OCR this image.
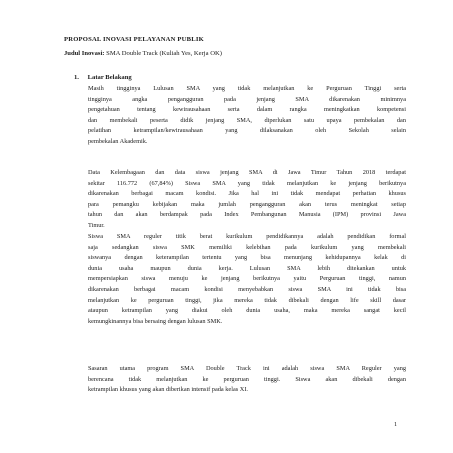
PROPOSAL INOVASI PELAYANAN PUBLIK
Judul Inovasi: SMA Double Track (Kuliah Yes, Kerja OK)
1. Latar Belakang
Masih tingginya Lulusan SMA yang tidak melanjutkan ke Perguruan Tinggi serta
tingginya angka pengangguran pada jenjang SMA dikarenakan minimnya
pengetahuan tentang kewirausahaan serta dalam rangka meningkatkan kompetensi
dan membekali peserta didik jenjang SMA, diperlukan satu upaya pembekalan dan
pelatihan ketrampilan/kewirausahaan yang dilaksanakan oleh Sekolah selain
pembekalan Akademik.
Data Kelembagaan dan data siswa jenjang SMA di Jawa Timur Tahun 2018 terdapat
sekitar 116.772 (67,84%) Siswa SMA yang tidak melanjutkan ke jenjang berikutnya
dikarenakan berbagai macam kondisi. Jika hal ini tidak mendapat perhatian khusus
para pemangku kebijakan maka jumlah pengangguran akan terus meningkat setiap
tahun dan akan berdampak pada Index Pembangunan Manusia (IPM) provinsi Jawa
Timur.
Siswa SMA reguler titik berat kurikulum pendidikannya adalah pendidikan formal
saja sedangkan siswa SMK memiliki kelebihan pada kurikulum yang membekali
siswanya dengan keterampilan tertentu yang bisa menunjang kehidupannya kelak di
dunia usaha maupun dunia kerja. Lulusan SMA lebih ditekankan untuk
mempersiapkan siswa menuju ke jenjang berikutnya yaitu Perguruan tinggi, namun
dikarenakan berbagai macam kondisi menyebabkan siswa SMA ini tidak bisa
melanjutkan ke perguruan tinggi, jika mereka tidak dibekali dengan life skill dasar
ataupun ketrampilan yang diakui oleh dunia usaha, maka mereka sangat kecil
kemungkinannya bisa bersaing dengan lulusan SMK.
Sasaran utama program SMA Double Track ini adalah siswa SMA Reguler yang
berencana tidak melanjutkan ke perguruan tinggi. Siswa akan dibekali dengan
ketrampilan khusus yang akan diberikan intensif pada kelas XI.
1
